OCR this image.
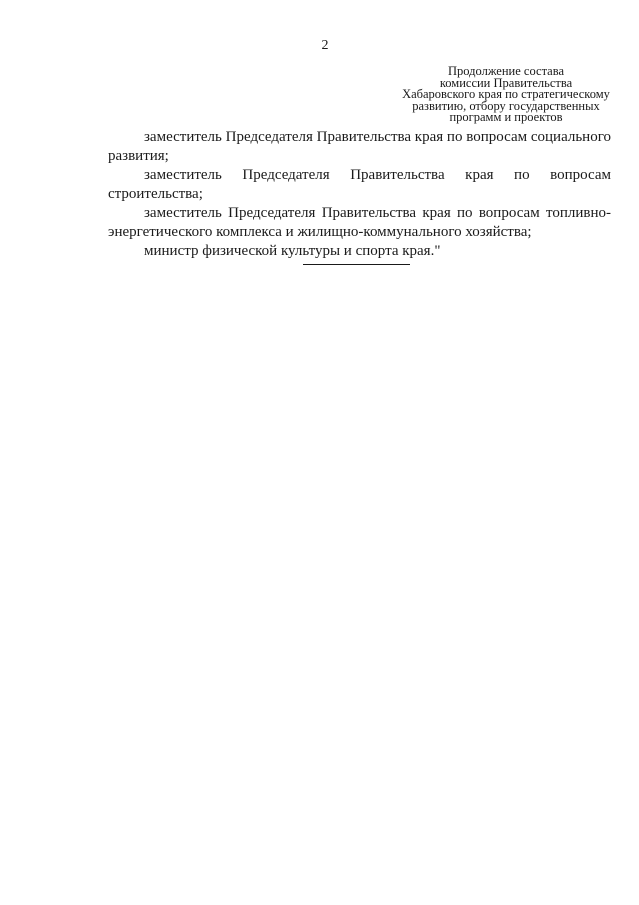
2
Продолжение состава
комиссии Правительства
Хабаровского края по стратегическому
развитию, отбору государственных
программ и проектов

заместитель Председателя Правительства края по вопросам социального развития;

заместитель Председателя Правительства края по вопросам строительства;

заместитель Председателя Правительства края по вопросам топливно-энергетического комплекса и жилищно-коммунального хозяйства;

министр физической культуры и спорта края."
